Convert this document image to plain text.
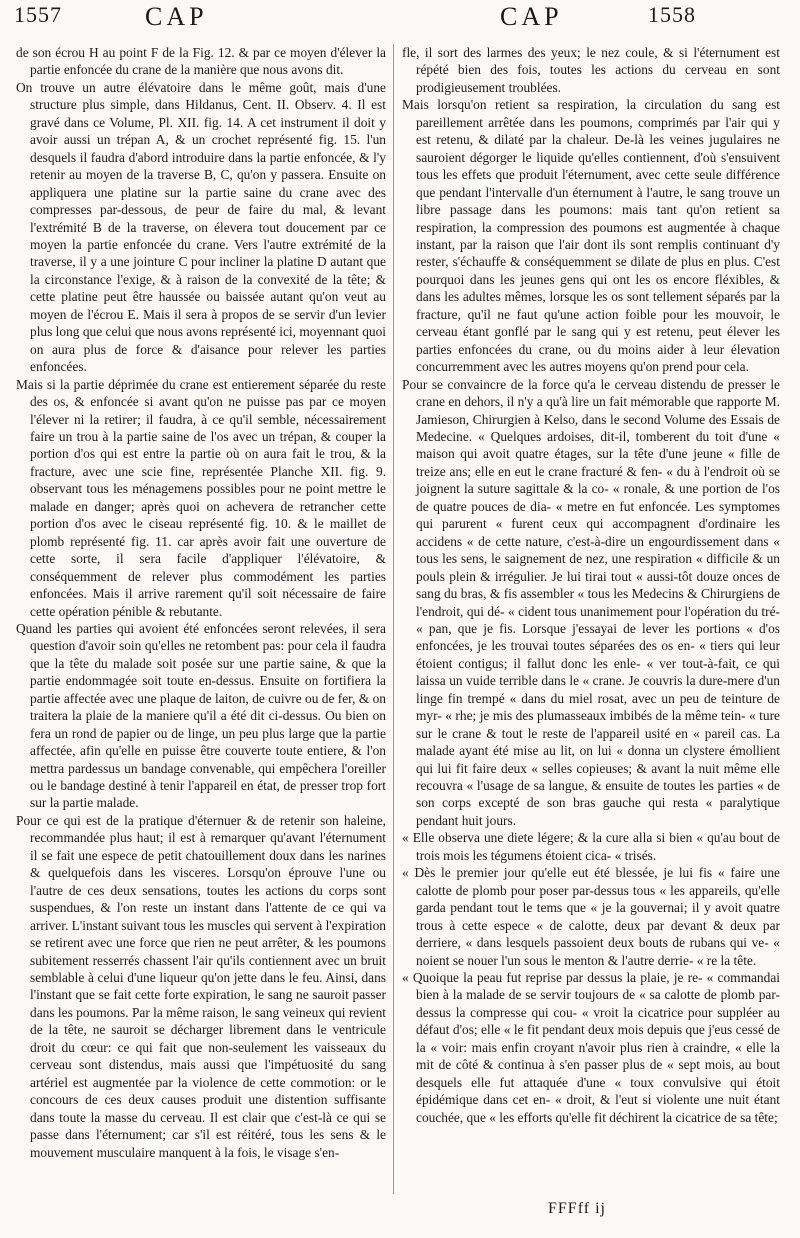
1557	CAP	CAP	1558

de son écrou H au point F de la Fig. 12. & par ce moyen d'élever la partie enfoncée du crane de la manière que nous avons dit.

On trouve un autre élévatoire dans le même goût, mais d'une structure plus simple, dans Hildanus, Cent. II. Observ. 4. Il est gravé dans ce Volume, Pl. XII. fig. 14. A cet instrument il doit y avoir aussi un trépan A, & un crochet représenté fig. 15. l'un desquels il faudra d'abord introduire dans la partie enfoncée, & l'y retenir au moyen de la traverse B, C, qu'on y passera. Ensuite on appliquera une platine sur la partie saine du crane avec des compresses par-dessous, de peur de faire du mal, & levant l'extrémité B de la traverse, on élevera tout doucement par ce moyen la partie enfoncée du crane. Vers l'autre extrémité de la traverse, il y a une jointure C pour incliner la platine D autant que la circonstance l'exige, & à raison de la convexité de la tête; & cette platine peut être haussée ou baissée autant qu'on veut au moyen de l'écrou E. Mais il sera à propos de se servir d'un levier plus long que celui que nous avons représenté ici, moyennant quoi on aura plus de force & d'aisance pour relever les parties enfoncées.

Mais si la partie déprimée du crane est entierement séparée du reste des os, & enfoncée si avant qu'on ne puisse pas par ce moyen l'élever ni la retirer; il faudra, à ce qu'il semble, nécessairement faire un trou à la partie saine de l'os avec un trépan, & couper la portion d'os qui est entre la partie où on aura fait le trou, & la fracture, avec une scie fine, représentée Planche XII. fig. 9. observant tous les ménagemens possibles pour ne point mettre le malade en danger; après quoi on achevera de retrancher cette portion d'os avec le ciseau représenté fig. 10. & le maillet de plomb représenté fig. 11. car après avoir fait une ouverture de cette sorte, il sera facile d'appliquer l'élévatoire, & conséquemment de relever plus commodément les parties enfoncées. Mais il arrive rarement qu'il soit nécessaire de faire cette opération pénible & rebutante.

Quand les parties qui avoient été enfoncées seront relevées, il sera question d'avoir soin qu'elles ne retombent pas: pour cela il faudra que la tête du malade soit posée sur une partie saine, & que la partie endommagée soit toute en-dessus. Ensuite on fortifiera la partie affectée avec une plaque de laiton, de cuivre ou de fer, & on traitera la plaie de la maniere qu'il a été dit ci-dessus. Ou bien on fera un rond de papier ou de linge, un peu plus large que la partie affectée, afin qu'elle en puisse être couverte toute entiere, & l'on mettra pardessus un bandage convenable, qui empêchera l'oreiller ou le bandage destiné à tenir l'appareil en état, de presser trop fort sur la partie malade.

Pour ce qui est de la pratique d'éternuer & de retenir son haleine, recommandée plus haut; il est à remarquer qu'avant l'éternument il se fait une espece de petit chatouillement doux dans les narines & quelquefois dans les visceres. Lorsqu'on éprouve l'une ou l'autre de ces deux sensations, toutes les actions du corps sont suspendues, & l'on reste un instant dans l'attente de ce qui va arriver. L'instant suivant tous les muscles qui servent à l'expiration se retirent avec une force que rien ne peut arrêter, & les poumons subitement resserrés chassent l'air qu'ils contiennent avec un bruit semblable à celui d'une liqueur qu'on jette dans le feu. Ainsi, dans l'instant que se fait cette forte expiration, le sang ne sauroit passer dans les poumons. Par la même raison, le sang veineux qui revient de la tête, ne sauroit se décharger librement dans le ventricule droit du cœur: ce qui fait que non-seulement les vaisseaux du cerveau sont distendus, mais aussi que l'impétuosité du sang artériel est augmentée par la violence de cette commotion: or le concours de ces deux causes produit une distention suffisante dans toute la masse du cerveau. Il est clair que c'est-là ce qui se passe dans l'éternument; car s'il est réitéré, tous les sens & le mouvement musculaire manquent à la fois, le visage s'en-

fle, il sort des larmes des yeux; le nez coule, & si l'éternument est répété bien des fois, toutes les actions du cerveau en sont prodigieusement troublées.

Mais lorsqu'on retient sa respiration, la circulation du sang est pareillement arrêtée dans les poumons, comprimés par l'air qui y est retenu, & dilaté par la chaleur. De-là les veines jugulaires ne sauroient dégorger le liquide qu'elles contiennent, d'où s'ensuivent tous les effets que produit l'éternument, avec cette seule différence que pendant l'intervalle d'un éternument à l'autre, le sang trouve un libre passage dans les poumons: mais tant qu'on retient sa respiration, la compression des poumons est augmentée à chaque instant, par la raison que l'air dont ils sont remplis continuant d'y rester, s'échauffe & conséquemment se dilate de plus en plus. C'est pourquoi dans les jeunes gens qui ont les os encore fléxibles, & dans les adultes mêmes, lorsque les os sont tellement séparés par la fracture, qu'il ne faut qu'une action foible pour les mouvoir, le cerveau étant gonflé par le sang qui y est retenu, peut élever les parties enfoncées du crane, ou du moins aider à leur élevation concurremment avec les autres moyens qu'on prend pour cela.

Pour se convaincre de la force qu'a le cerveau distendu de presser le crane en dehors, il n'y a qu'à lire un fait mémorable que rapporte M. Jamieson, Chirurgien à Kelso, dans le second Volume des Essais de Medecine. « Quelques ardoises, dit-il, tomberent du toit d'une « maison qui avoit quatre étages, sur la tête d'une jeune « fille de treize ans; elle en eut le crane fracturé & fen- « du à l'endroit où se joignent la suture sagittale & la co- « ronale, & une portion de l'os de quatre pouces de dia- « metre en fut enfoncée. Les symptomes qui parurent « furent ceux qui accompagnent d'ordinaire les accidens « de cette nature, c'est-à-dire un engourdissement dans « tous les sens, le saignement de nez, une respiration « difficile & un pouls plein & irrégulier. Je lui tirai tout « aussi-tôt douze onces de sang du bras, & fis assembler « tous les Medecins & Chirurgiens de l'endroit, qui dé- « cident tous unanimement pour l'opération du tré- « pan, que je fis. Lorsque j'essayai de lever les portions « d'os enfoncées, je les trouvai toutes séparées des os en- « tiers qui leur étoient contigus; il fallut donc les enle- « ver tout-à-fait, ce qui laissa un vuide terrible dans le « crane. Je couvris la dure-mere d'un linge fin trempé « dans du miel rosat, avec un peu de teinture de myr- « rhe; je mis des plumasseaux imbibés de la même tein- « ture sur le crane & tout le reste de l'appareil usité en « pareil cas. La malade ayant été mise au lit, on lui « donna un clystere émollient qui lui fit faire deux « selles copieuses; & avant la nuit même elle recouvra « l'usage de sa langue, & ensuite de toutes les parties « de son corps excepté de son bras gauche qui resta « paralytique pendant huit jours.

« Elle observa une diete légere; & la cure alla si bien « qu'au bout de trois mois les tégumens étoient cica- « trisés.

« Dès le premier jour qu'elle eut été blessée, je lui fis « faire une calotte de plomb pour poser par-dessus tous « les appareils, qu'elle garda pendant tout le tems que « je la gouvernai; il y avoit quatre trous à cette espece « de calotte, deux par devant & deux par derriere, « dans lesquels passoient deux bouts de rubans qui ve- « noient se nouer l'un sous le menton & l'autre derrie- « re la tête.

« Quoique la peau fut reprise par dessus la plaie, je re- « commandai bien à la malade de se servir toujours de « sa calotte de plomb par-dessus la compresse qui cou- « vroit la cicatrice pour suppléer au défaut d'os; elle « le fit pendant deux mois depuis que j'eus cessé de la « voir: mais enfin croyant n'avoir plus rien à craindre, « elle la mit de côté & continua à s'en passer plus de « sept mois, au bout desquels elle fut attaquée d'une « toux convulsive qui étoit épidémique dans cet en- « droit, & l'eut si violente une nuit étant couchée, que « les efforts qu'elle fit déchirent la cicatrice de sa tête;

FFFff ij
